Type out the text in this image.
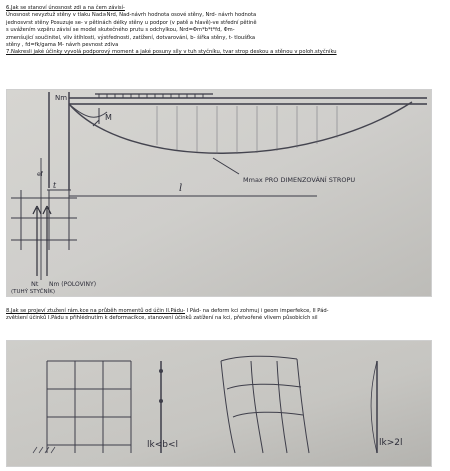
6.Jak se stanoví únosnost zdi a na čem závisí-
Únosnost nevyztuž stěny v tlaku Nad≥Nrd, Nad-návrh hodnota osové stěny, Nrd- návrh hodnota
jednosvrst stěny Posuzuje se- v pětinách délky stěny u podpor (v patě a hlavě)-ve střední pětině
s uvážením vzpěru závisí se model skutečného prutu s odchylkou, Nrd=Φm*b*t*fd, Φm-
zmenšující součinitel, vliv štíhlosti, výstřednosti, zatížení, dotvarování, b- šířka stěny, t- tloušťka
stěny , fd=fk/gama M- návrh pevnost zdiva
7.Nakresli jaké účinky vyvolá podporový moment a jaké posuny síly v tuh styčníku, tvar strop deskou a stěnou v poloh.styčníku
Nm
M
Mmax PRO DIMENZOVÁNÍ STROPU
l
ef
t
Nt Nm (POLOVINY)
(TUHÝ STYČNÍK)
8.Jak se projeví ztužení rám.kce na průběh momentů od účin II.Pádu- I Pád- na deform kci zohmuj i geom imperfekce, II Pád-
zvětšení účinků I.Pádu s přihlédnutím k deformacíkce, stanovení účinků zatížení na kci, přetvořené vlivem působících sil
lk<b<l	lk>2l
